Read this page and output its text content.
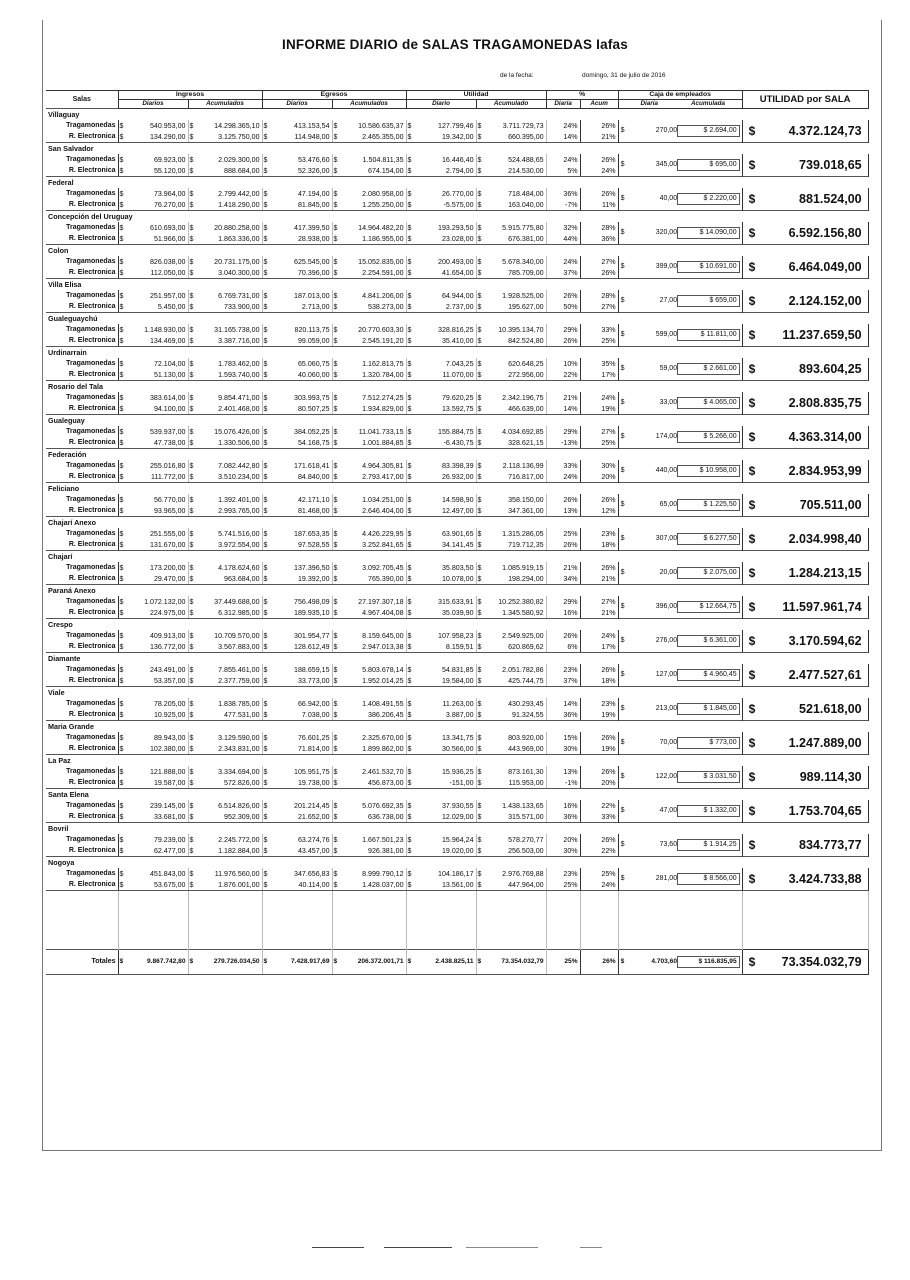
INFORME DIARIO de SALAS TRAGAMONEDAS Iafas
de la fecha:	domingo, 31 de julio de 2016
Salas	Ingresos				Egresos				Utilidad				%		Caja de empleados	UTILIDAD por SALA
	Diarios		Acumulados		Diarios		Acumulados		Diario		Acumulado		Diaria	Acum	Diaria Acumulada	
Villaguay																
Tragamonedas	$	540.953,00	$	14.298.365,10	$	413.153,54	$	10.586.635,37	$	127.799,46	$	3.711.729,73	24%	26%	$ 270,00 $ 2.694,00	$ 4.372.124,73

R. Electronica	$	134.290,00	$	3.125.750,00	$	114.948,00	$	2.465.355,00	$	19.342,00	$	660.395,00	14%	21%		
San Salvador																
Tragamonedas	$	69.923,00	$	2.029.300,00	$	53.476,60	$	1.504.811,35	$	16.446,40	$	524.488,65	24%	26%	$ 345,00 $ 695,00	$ 739.018,65

R. Electronica	$	55.120,00	$	888.684,00	$	52.326,00	$	674.154,00	$	2.794,00	$	214.530,00	5%	24%		
Federal																
Tragamonedas	$	73.964,00	$	2.799.442,00	$	47.194,00	$	2.080.958,00	$	26.770,00	$	718.484,00	36%	26%	$ 40,00 $ 2.220,00	$ 881.524,00

R. Electronica	$	76.270,00	$	1.418.290,00	$	81.845,00	$	1.255.250,00	$	-5.575,00	$	163.040,00	-7%	11%		
Concepción del Uruguay																
Tragamonedas	$	610.693,00	$	20.880.258,00	$	417.399,50	$	14.964.482,20	$	193.293,50	$	5.915.775,80	32%	28%	$ 320,00 $ 14.090,00	$ 6.592.156,80

R. Electronica	$	51.966,00	$	1.863.336,00	$	28.938,00	$	1.186.955,00	$	23.028,00	$	676.381,00	44%	36%		
Colon																
Tragamonedas	$	826.038,00	$	20.731.175,00	$	625.545,00	$	15.052.835,00	$	200.493,00	$	5.678.340,00	24%	27%	$ 399,00 $ 10.691,00	$ 6.464.049,00

R. Electronica	$	112.050,00	$	3.040.300,00	$	70.396,00	$	2.254.591,00	$	41.654,00	$	785.709,00	37%	26%		
Villa Elisa																
Tragamonedas	$	251.957,00	$	6.769.731,00	$	187.013,00	$	4.841.206,00	$	64.944,00	$	1.928.525,00	26%	28%	$ 27,00 $ 659,00	$ 2.124.152,00

R. Electronica	$	5.450,00	$	733.900,00	$	2.713,00	$	538.273,00	$	2.737,00	$	195.627,00	50%	27%		
Gualeguaychú																
Tragamonedas	$	1.148.930,00	$	31.165.738,00	$	820.113,75	$	20.770.603,30	$	328.816,25	$	10.395.134,70	29%	33%	$ 599,00 $ 11.811,00	$ 11.237.659,50

R. Electronica	$	134.469,00	$	3.387.716,00	$	99.059,00	$	2.545.191,20	$	35.410,00	$	842.524,80	26%	25%		
Urdinarrain																
Tragamonedas	$	72.104,00	$	1.783.462,00	$	65.060,75	$	1.162.813,75	$	7.043,25	$	620.648,25	10%	35%	$ 59,00 $ 2.661,00	$ 893.604,25

R. Electronica	$	51.130,00	$	1.593.740,00	$	40.060,00	$	1.320.784,00	$	11.070,00	$	272.956,00	22%	17%		
Rosario del Tala																
Tragamonedas	$	383.614,00	$	9.854.471,00	$	303.993,75	$	7.512.274,25	$	79.620,25	$	2.342.196,75	21%	24%	$ 33,00 $ 4.065,00	$ 2.808.835,75

R. Electronica	$	94.100,00	$	2.401.468,00	$	80.507,25	$	1.934.829,00	$	13.592,75	$	466.639,00	14%	19%		
Gualeguay																
Tragamonedas	$	539.937,00	$	15.076.426,00	$	384.052,25	$	11.041.733,15	$	155.884,75	$	4.034.692,85	29%	27%	$ 174,00 $ 5.266,00	$ 4.363.314,00

R. Electronica	$	47.738,00	$	1.330.506,00	$	54.168,75	$	1.001.884,85	$	-6.430,75	$	328.621,15	-13%	25%		
Federación																
Tragamonedas	$	255.016,80	$	7.082.442,80	$	171.618,41	$	4.964.305,81	$	83.398,39	$	2.118.136,99	33%	30%	$ 440,00 $ 10.958,00	$ 2.834.953,99

R. Electronica	$	111.772,00	$	3.510.234,00	$	84.840,00	$	2.793.417,00	$	26.932,00	$	716.817,00	24%	20%		
Feliciano																
Tragamonedas	$	56.770,00	$	1.392.401,00	$	42.171,10	$	1.034.251,00	$	14.598,90	$	358.150,00	26%	26%	$ 65,00 $ 1.225,50	$ 705.511,00

R. Electronica	$	93.965,00	$	2.993.765,00	$	81.468,00	$	2.646.404,00	$	12.497,00	$	347.361,00	13%	12%		
Chajarí Anexo																
Tragamonedas	$	251.555,00	$	5.741.516,00	$	187.653,35	$	4.426.229,95	$	63.901,65	$	1.315.286,05	25%	23%	$ 307,00 $ 6.277,50	$ 2.034.998,40

R. Electronica	$	131.670,00	$	3.972.554,00	$	97.528,55	$	3.252.841,65	$	34.141,45	$	719.712,35	26%	18%		
Chajarí																
Tragamonedas	$	173.200,00	$	4.178.624,60	$	137.396,50	$	3.092.705,45	$	35.803,50	$	1.085.919,15	21%	26%	$ 20,00 $ 2.075,00	$ 1.284.213,15

R. Electronica	$	29.470,00	$	963.684,00	$	19.392,00	$	765.390,00	$	10.078,00	$	198.294,00	34%	21%		
Paraná Anexo																
Tragamonedas	$	1.072.132,00	$	37.449.688,00	$	756.498,09	$	27.197.307,18	$	315.633,91	$	10.252.380,82	29%	27%	$ 396,00 $ 12.664,75	$ 11.597.961,74

R. Electronica	$	224.975,00	$	6.312.985,00	$	189.935,10	$	4.967.404,08	$	35.039,90	$	1.345.580,92	16%	21%		
Crespo																
Tragamonedas	$	409.913,00	$	10.709.570,00	$	301.954,77	$	8.159.645,00	$	107.958,23	$	2.549.925,00	26%	24%	$ 276,00 $ 6.361,00	$ 3.170.594,62

R. Electronica	$	136.772,00	$	3.567.883,00	$	128.612,49	$	2.947.013,38	$	8.159,51	$	620.869,62	6%	17%		
Diamante																
Tragamonedas	$	243.491,00	$	7.855.461,00	$	188.659,15	$	5.803.678,14	$	54.831,85	$	2.051.782,86	23%	26%	$ 127,00 $ 4.960,45	$ 2.477.527,61

R. Electronica	$	53.357,00	$	2.377.759,00	$	33.773,00	$	1.952.014,25	$	19.584,00	$	425.744,75	37%	18%		
Viale																
Tragamonedas	$	78.205,00	$	1.838.785,00	$	66.942,00	$	1.408.491,55	$	11.263,00	$	430.293,45	14%	23%	$ 213,00 $ 1.845,00	$ 521.618,00

R. Electronica	$	10.925,00	$	477.531,00	$	7.038,00	$	386.206,45	$	3.887,00	$	91.324,55	36%	19%		
Maria Grande																
Tragamonedas	$	89.943,00	$	3.129.590,00	$	76.601,25	$	2.325.670,00	$	13.341,75	$	803.920,00	15%	26%	$ 70,00 $ 773,00	$ 1.247.889,00

R. Electronica	$	102.380,00	$	2.343.831,00	$	71.814,00	$	1.899.862,00	$	30.566,00	$	443.969,00	30%	19%		
La Paz																
Tragamonedas	$	121.888,00	$	3.334.694,00	$	105.951,75	$	2.461.532,70	$	15.936,25	$	873.161,30	13%	26%	$ 122,00 $ 3.031,50	$ 989.114,30

R. Electronica	$	19.587,00	$	572.826,00	$	19.738,00	$	456.873,00	$	-151,00	$	115.953,00	-1%	20%		
Santa Elena																
Tragamonedas	$	239.145,00	$	6.514.826,00	$	201.214,45	$	5.076.692,35	$	37.930,55	$	1.438.133,65	16%	22%	$ 47,00 $ 1.332,00	$ 1.753.704,65

R. Electronica	$	33.681,00	$	952.309,00	$	21.652,00	$	636.738,00	$	12.029,00	$	315.571,00	36%	33%		
Bovril																
Tragamonedas	$	79.239,00	$	2.245.772,00	$	63.274,76	$	1.667.501,23	$	15.964,24	$	578.270,77	20%	26%	$ 73,60 $ 1.914,25	$ 834.773,77

R. Electronica	$	62.477,00	$	1.182.884,00	$	43.457,00	$	926.381,00	$	19.020,00	$	256.503,00	30%	22%		
Nogoya																
Tragamonedas	$	451.843,00	$	11.976.560,00	$	347.656,83	$	8.999.790,12	$	104.186,17	$	2.976.769,88	23%	25%	$ 281,00 $ 8.566,00	$ 3.424.733,88

R. Electronica	$	53.675,00	$	1.876.001,00	$	40.114,00	$	1.428.037,00	$	13.561,00	$	447.964,00	25%	24%		

Totales	$	9.867.742,80	$	279.726.034,50	$	7.428.917,69	$	206.372.001,71	$	2.438.825,11	$	73.354.032,79	25%	26%	$ 4.703,60 $ 116.835,95	$ 73.354.032,79
